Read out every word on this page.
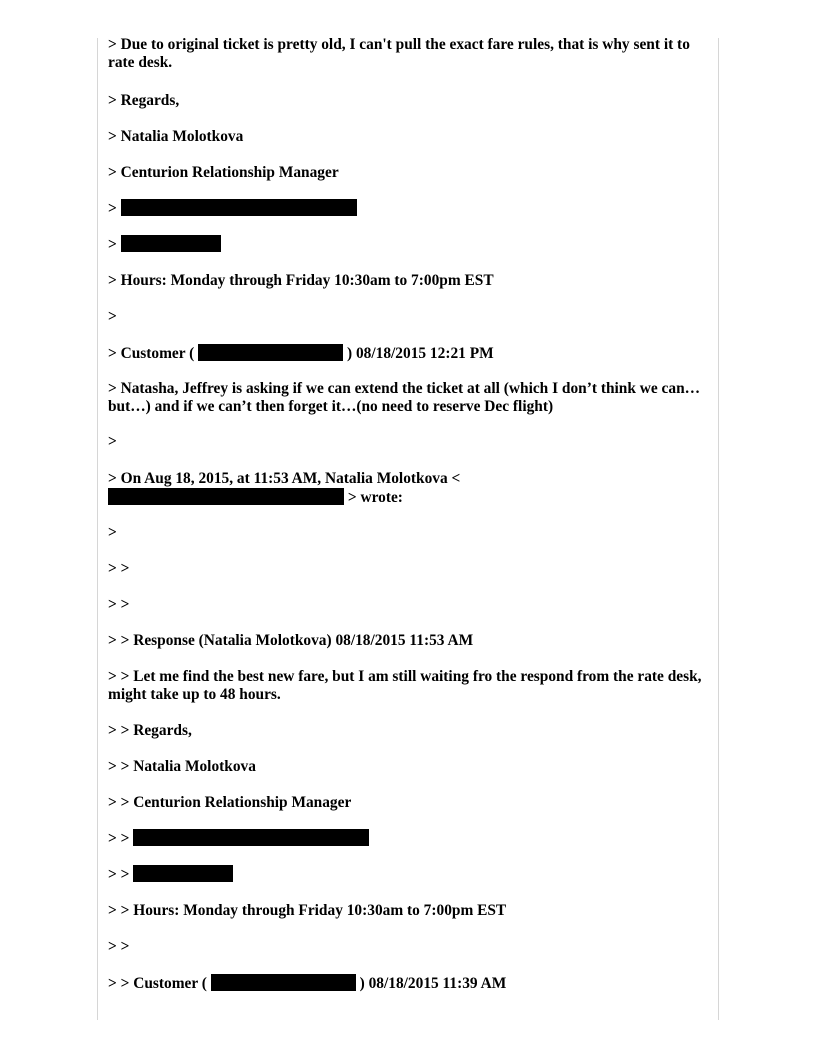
> Due to original ticket is pretty old, I can't pull the exact fare rules, that is why sent it to rate desk.
> Regards,
> Natalia Molotkova
> Centurion Relationship Manager
>
>
> Hours: Monday through Friday 10:30am to 7:00pm EST
>
> Customer (	) 08/18/2015 12:21 PM
> Natasha, Jeffrey is asking if we can extend the ticket at all (which I don’t think we can…but…) and if we can’t then forget it…(no need to reserve Dec flight)
>
> On Aug 18, 2015, at 11:53 AM, Natalia Molotkova <
> wrote:
>
> >
> >
> > Response (Natalia Molotkova) 08/18/2015 11:53 AM
> > Let me find the best new fare, but I am still waiting fro the respond from the rate desk, might take up to 48 hours.
> > Regards,
> > Natalia Molotkova
> > Centurion Relationship Manager
> >
> >
> > Hours: Monday through Friday 10:30am to 7:00pm EST
> >
> > Customer (	) 08/18/2015 11:39 AM
